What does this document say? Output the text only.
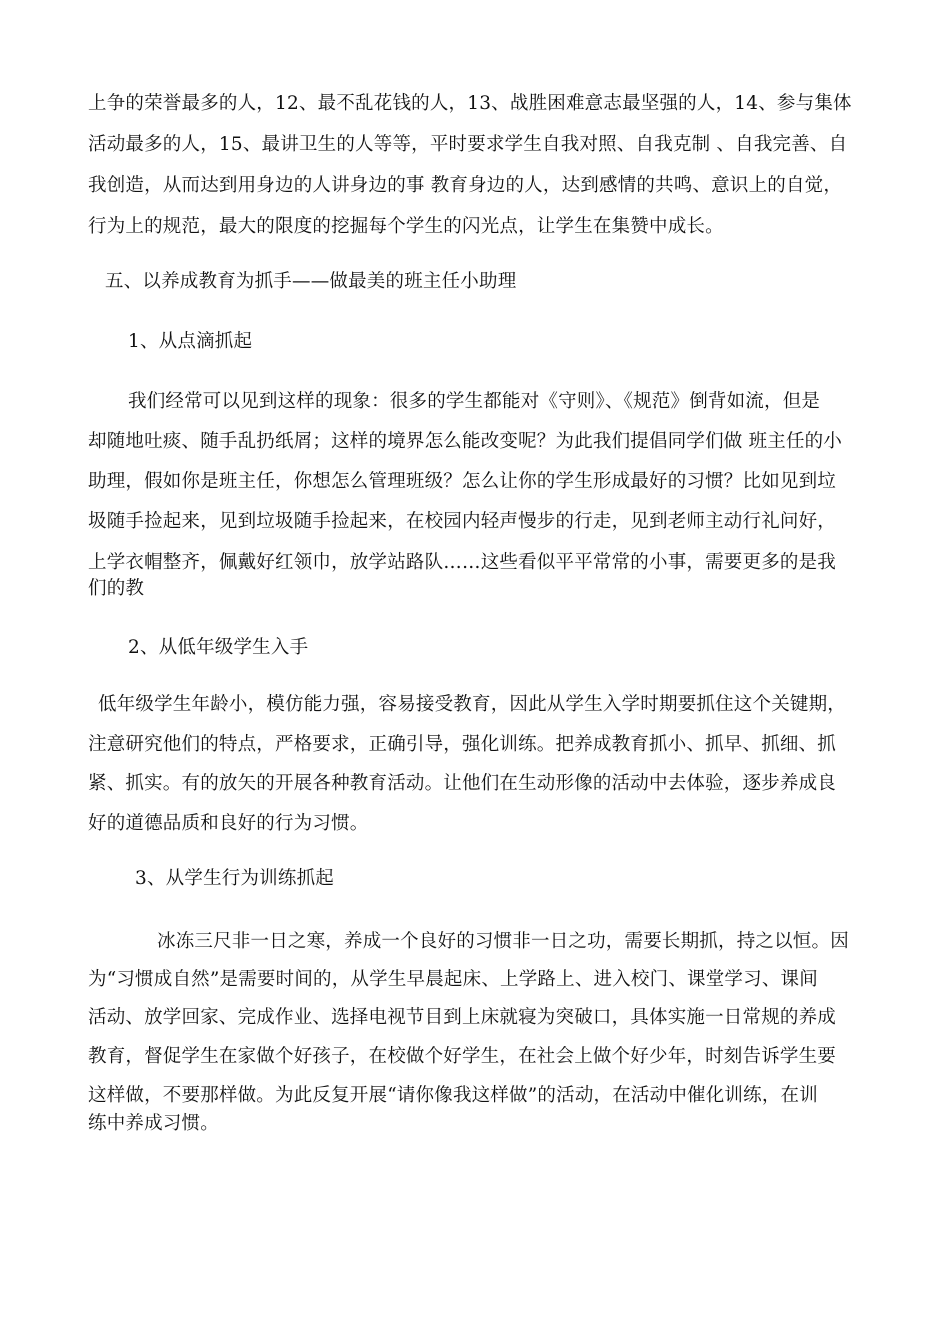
上争的荣誉最多的人，12、最不乱花钱的人，13、战胜困难意志最坚强的人，14、参与集体
活动最多的人，15、最讲卫生的人等等，平时要求学生自我对照、自我克制 、自我完善、自
我创造，从而达到用身边的人讲身边的事 教育身边的人，达到感情的共鸣、意识上的自觉，
行为上的规范，最大的限度的挖掘每个学生的闪光点，让学生在集赞中成长。
五、以养成教育为抓手——做最美的班主任小助理
1、从点滴抓起
我们经常可以见到这样的现象：很多的学生都能对《守则》、《规范》倒背如流，但是
却随地吐痰、随手乱扔纸屑；这样的境界怎么能改变呢？为此我们提倡同学们做 班主任的小
助理，假如你是班主任，你想怎么管理班级？怎么让你的学生形成最好的习惯？比如见到垃
圾随手捡起来，见到垃圾随手捡起来，在校园内轻声慢步的行走，见到老师主动行礼问好，
上学衣帽整齐，佩戴好红领巾，放学站路队……这些看似平平常常的小事，需要更多的是我
们的教
2、从低年级学生入手
低年级学生年龄小，模仿能力强，容易接受教育，因此从学生入学时期要抓住这个关键期，
注意研究他们的特点，严格要求，正确引导，强化训练。把养成教育抓小、抓早、抓细、抓
紧、抓实。有的放矢的开展各种教育活动。让他们在生动形像的活动中去体验，逐步养成良
好的道德品质和良好的行为习惯。
3、从学生行为训练抓起
冰冻三尺非一日之寒，养成一个良好的习惯非一日之功，需要长期抓，持之以恒。因
为“习惯成自然”是需要时间的，从学生早晨起床、上学路上、进入校门、课堂学习、课间
活动、放学回家、完成作业、选择电视节目到上床就寝为突破口，具体实施一日常规的养成
教育，督促学生在家做个好孩子，在校做个好学生，在社会上做个好少年，时刻告诉学生要
这样做，不要那样做。为此反复开展“请你像我这样做”的活动，在活动中催化训练，在训
练中养成习惯。
